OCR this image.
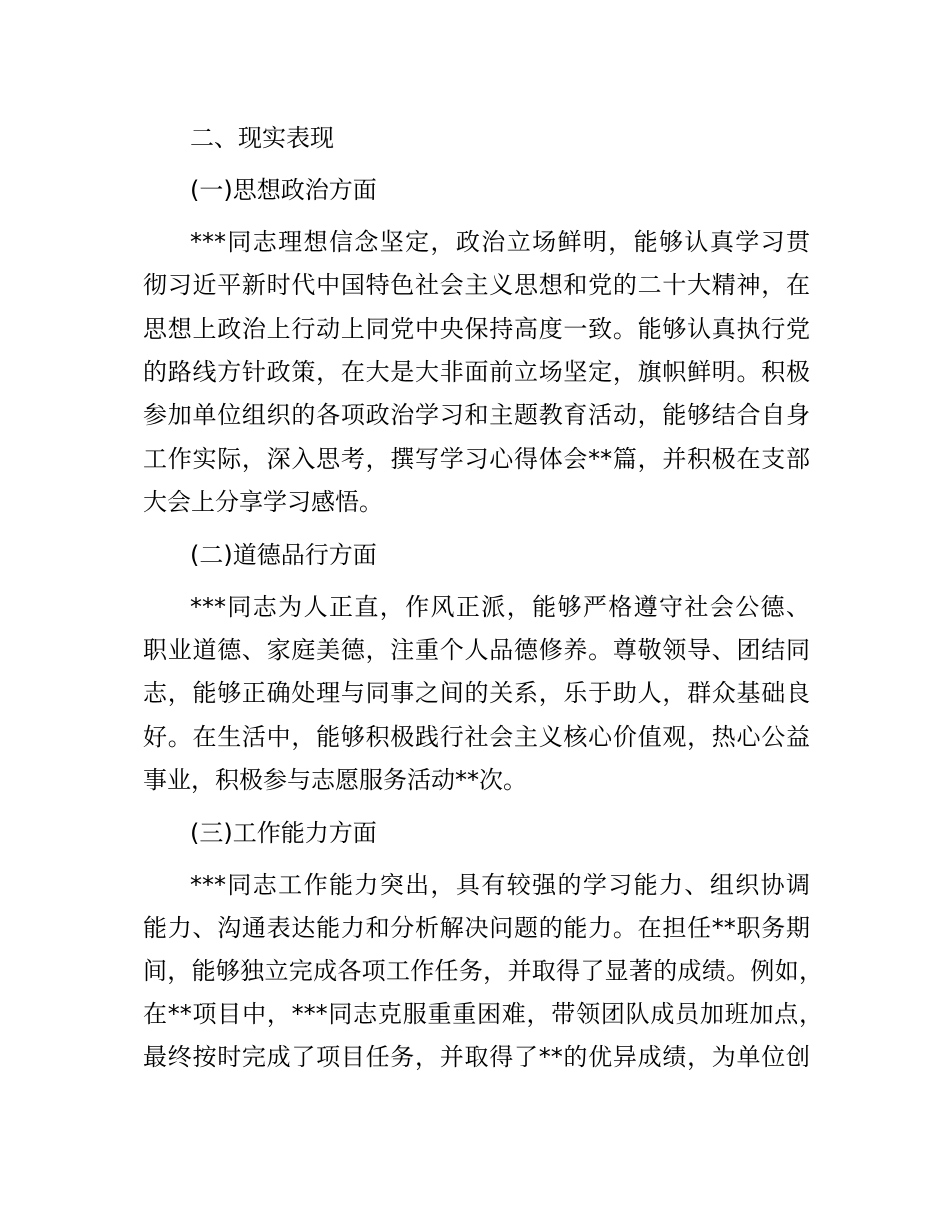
二、现实表现
(一)思想政治方面
***同志理想信念坚定，政治立场鲜明，能够认真学习贯
彻习近平新时代中国特色社会主义思想和党的二十大精神，在
思想上政治上行动上同党中央保持高度一致。能够认真执行党
的路线方针政策，在大是大非面前立场坚定，旗帜鲜明。积极
参加单位组织的各项政治学习和主题教育活动，能够结合自身
工作实际，深入思考，撰写学习心得体会**篇，并积极在支部
大会上分享学习感悟。
(二)道德品行方面
***同志为人正直，作风正派，能够严格遵守社会公德、
职业道德、家庭美德，注重个人品德修养。尊敬领导、团结同
志，能够正确处理与同事之间的关系，乐于助人，群众基础良
好。在生活中，能够积极践行社会主义核心价值观，热心公益
事业，积极参与志愿服务活动**次。
(三)工作能力方面
***同志工作能力突出，具有较强的学习能力、组织协调
能力、沟通表达能力和分析解决问题的能力。在担任**职务期
间，能够独立完成各项工作任务，并取得了显著的成绩。例如，
在**项目中，***同志克服重重困难，带领团队成员加班加点，
最终按时完成了项目任务，并取得了**的优异成绩，为单位创
